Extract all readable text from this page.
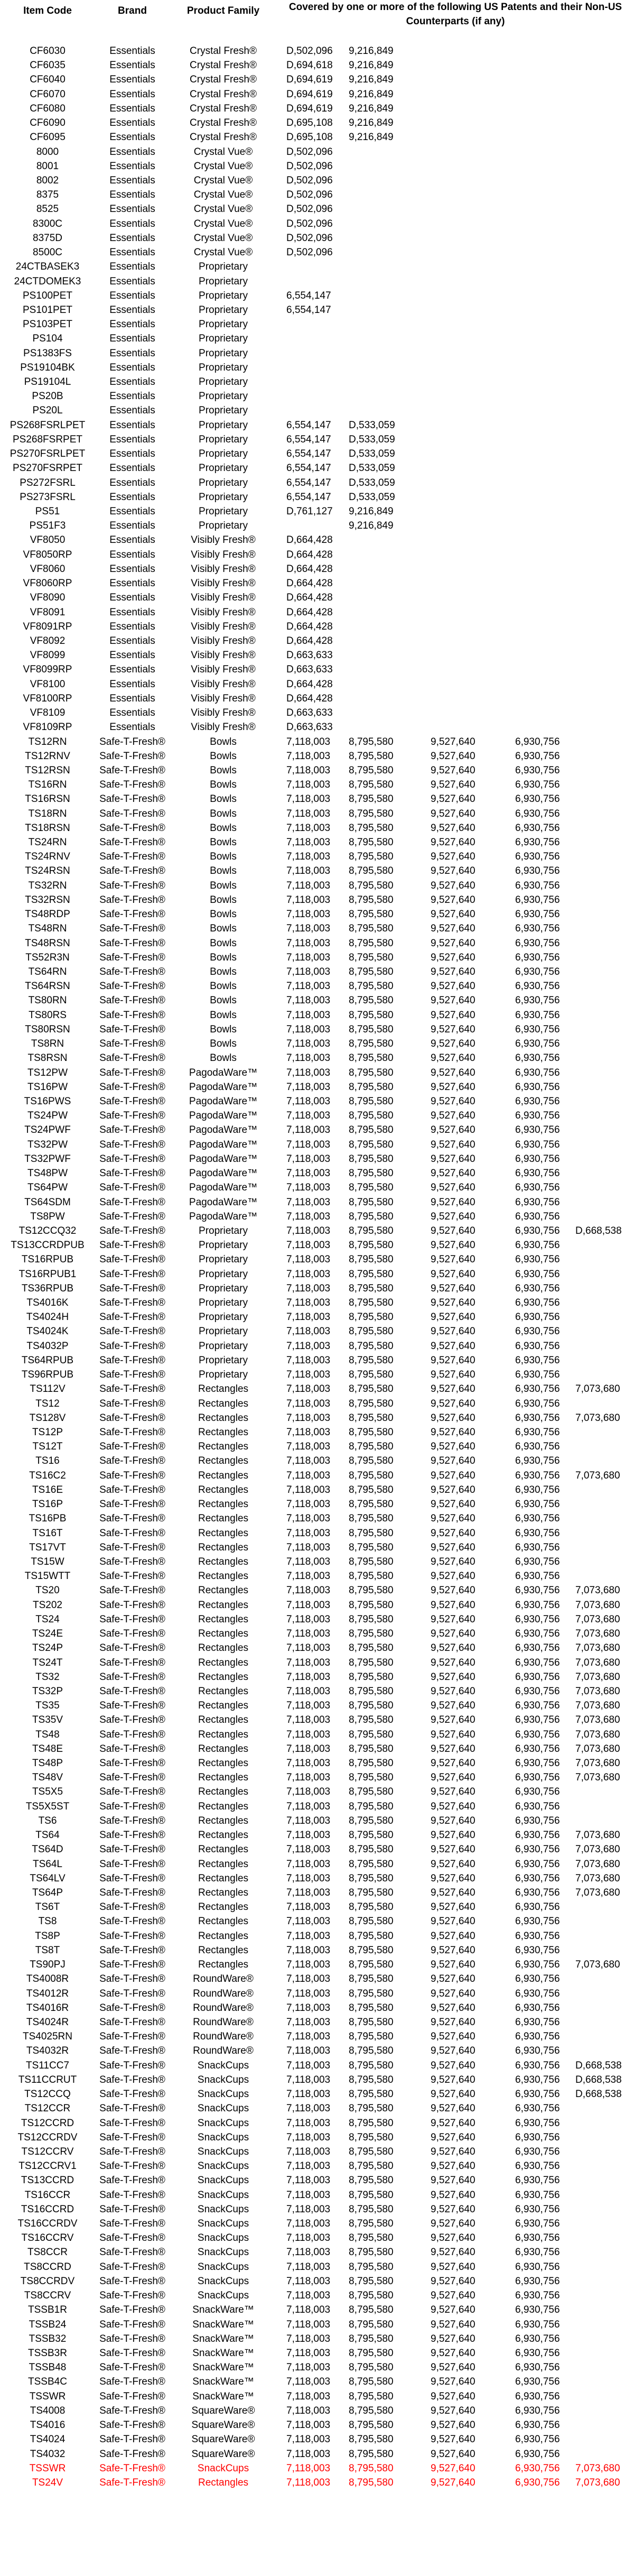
Item Code	Brand	Product Family	Covered by one or more of the following US Patents and their Non-US Counterparts (if any)
CF6030	Essentials	Crystal Fresh®	D,502,096	9,216,849
CF6035	Essentials	Crystal Fresh®	D,694,618	9,216,849
CF6040	Essentials	Crystal Fresh®	D,694,619	9,216,849
CF6070	Essentials	Crystal Fresh®	D,694,619	9,216,849
CF6080	Essentials	Crystal Fresh®	D,694,619	9,216,849
CF6090	Essentials	Crystal Fresh®	D,695,108	9,216,849
CF6095	Essentials	Crystal Fresh®	D,695,108	9,216,849
8000	Essentials	Crystal Vue®	D,502,096
8001	Essentials	Crystal Vue®	D,502,096
8002	Essentials	Crystal Vue®	D,502,096
8375	Essentials	Crystal Vue®	D,502,096
8525	Essentials	Crystal Vue®	D,502,096
8300C	Essentials	Crystal Vue®	D,502,096
8375D	Essentials	Crystal Vue®	D,502,096
8500C	Essentials	Crystal Vue®	D,502,096
24CTBASEK3	Essentials	Proprietary
24CTDOMEK3	Essentials	Proprietary
PS100PET	Essentials	Proprietary	6,554,147
PS101PET	Essentials	Proprietary	6,554,147
PS103PET	Essentials	Proprietary
PS104	Essentials	Proprietary
PS1383FS	Essentials	Proprietary
PS19104BK	Essentials	Proprietary
PS19104L	Essentials	Proprietary
PS20B	Essentials	Proprietary
PS20L	Essentials	Proprietary
PS268FSRLPET	Essentials	Proprietary	6,554,147	D,533,059
PS268FSRPET	Essentials	Proprietary	6,554,147	D,533,059
PS270FSRLPET	Essentials	Proprietary	6,554,147	D,533,059
PS270FSRPET	Essentials	Proprietary	6,554,147	D,533,059
PS272FSRL	Essentials	Proprietary	6,554,147	D,533,059
PS273FSRL	Essentials	Proprietary	6,554,147	D,533,059
PS51	Essentials	Proprietary	D,761,127	9,216,849
PS51F3	Essentials	Proprietary	9,216,849
VF8050	Essentials	Visibly Fresh®	D,664,428
VF8050RP	Essentials	Visibly Fresh®	D,664,428
VF8060	Essentials	Visibly Fresh®	D,664,428
VF8060RP	Essentials	Visibly Fresh®	D,664,428
VF8090	Essentials	Visibly Fresh®	D,664,428
VF8091	Essentials	Visibly Fresh®	D,664,428
VF8091RP	Essentials	Visibly Fresh®	D,664,428
VF8092	Essentials	Visibly Fresh®	D,664,428
VF8099	Essentials	Visibly Fresh®	D,663,633
VF8099RP	Essentials	Visibly Fresh®	D,663,633
VF8100	Essentials	Visibly Fresh®	D,664,428
VF8100RP	Essentials	Visibly Fresh®	D,664,428
VF8109	Essentials	Visibly Fresh®	D,663,633
VF8109RP	Essentials	Visibly Fresh®	D,663,633
TS12RN	Safe-T-Fresh®	Bowls	7,118,003	8,795,580	9,527,640	6,930,756
TS12RNV	Safe-T-Fresh®	Bowls	7,118,003	8,795,580	9,527,640	6,930,756
TS12RSN	Safe-T-Fresh®	Bowls	7,118,003	8,795,580	9,527,640	6,930,756
TS16RN	Safe-T-Fresh®	Bowls	7,118,003	8,795,580	9,527,640	6,930,756
TS16RSN	Safe-T-Fresh®	Bowls	7,118,003	8,795,580	9,527,640	6,930,756
TS18RN	Safe-T-Fresh®	Bowls	7,118,003	8,795,580	9,527,640	6,930,756
TS18RSN	Safe-T-Fresh®	Bowls	7,118,003	8,795,580	9,527,640	6,930,756
TS24RN	Safe-T-Fresh®	Bowls	7,118,003	8,795,580	9,527,640	6,930,756
TS24RNV	Safe-T-Fresh®	Bowls	7,118,003	8,795,580	9,527,640	6,930,756
TS24RSN	Safe-T-Fresh®	Bowls	7,118,003	8,795,580	9,527,640	6,930,756
TS32RN	Safe-T-Fresh®	Bowls	7,118,003	8,795,580	9,527,640	6,930,756
TS32RSN	Safe-T-Fresh®	Bowls	7,118,003	8,795,580	9,527,640	6,930,756
TS48RDP	Safe-T-Fresh®	Bowls	7,118,003	8,795,580	9,527,640	6,930,756
TS48RN	Safe-T-Fresh®	Bowls	7,118,003	8,795,580	9,527,640	6,930,756
TS48RSN	Safe-T-Fresh®	Bowls	7,118,003	8,795,580	9,527,640	6,930,756
TS52R3N	Safe-T-Fresh®	Bowls	7,118,003	8,795,580	9,527,640	6,930,756
TS64RN	Safe-T-Fresh®	Bowls	7,118,003	8,795,580	9,527,640	6,930,756
TS64RSN	Safe-T-Fresh®	Bowls	7,118,003	8,795,580	9,527,640	6,930,756
TS80RN	Safe-T-Fresh®	Bowls	7,118,003	8,795,580	9,527,640	6,930,756
TS80RS	Safe-T-Fresh®	Bowls	7,118,003	8,795,580	9,527,640	6,930,756
TS80RSN	Safe-T-Fresh®	Bowls	7,118,003	8,795,580	9,527,640	6,930,756
TS8RN	Safe-T-Fresh®	Bowls	7,118,003	8,795,580	9,527,640	6,930,756
TS8RSN	Safe-T-Fresh®	Bowls	7,118,003	8,795,580	9,527,640	6,930,756
TS12PW	Safe-T-Fresh®	PagodaWare™	7,118,003	8,795,580	9,527,640	6,930,756
TS16PW	Safe-T-Fresh®	PagodaWare™	7,118,003	8,795,580	9,527,640	6,930,756
TS16PWS	Safe-T-Fresh®	PagodaWare™	7,118,003	8,795,580	9,527,640	6,930,756
TS24PW	Safe-T-Fresh®	PagodaWare™	7,118,003	8,795,580	9,527,640	6,930,756
TS24PWF	Safe-T-Fresh®	PagodaWare™	7,118,003	8,795,580	9,527,640	6,930,756
TS32PW	Safe-T-Fresh®	PagodaWare™	7,118,003	8,795,580	9,527,640	6,930,756
TS32PWF	Safe-T-Fresh®	PagodaWare™	7,118,003	8,795,580	9,527,640	6,930,756
TS48PW	Safe-T-Fresh®	PagodaWare™	7,118,003	8,795,580	9,527,640	6,930,756
TS64PW	Safe-T-Fresh®	PagodaWare™	7,118,003	8,795,580	9,527,640	6,930,756
TS64SDM	Safe-T-Fresh®	PagodaWare™	7,118,003	8,795,580	9,527,640	6,930,756
TS8PW	Safe-T-Fresh®	PagodaWare™	7,118,003	8,795,580	9,527,640	6,930,756
TS12CCQ32	Safe-T-Fresh®	Proprietary	7,118,003	8,795,580	9,527,640	6,930,756	D,668,538
TS13CCRDPUB	Safe-T-Fresh®	Proprietary	7,118,003	8,795,580	9,527,640	6,930,756
TS16RPUB	Safe-T-Fresh®	Proprietary	7,118,003	8,795,580	9,527,640	6,930,756
TS16RPUB1	Safe-T-Fresh®	Proprietary	7,118,003	8,795,580	9,527,640	6,930,756
TS36RPUB	Safe-T-Fresh®	Proprietary	7,118,003	8,795,580	9,527,640	6,930,756
TS4016K	Safe-T-Fresh®	Proprietary	7,118,003	8,795,580	9,527,640	6,930,756
TS4024H	Safe-T-Fresh®	Proprietary	7,118,003	8,795,580	9,527,640	6,930,756
TS4024K	Safe-T-Fresh®	Proprietary	7,118,003	8,795,580	9,527,640	6,930,756
TS4032P	Safe-T-Fresh®	Proprietary	7,118,003	8,795,580	9,527,640	6,930,756
TS64RPUB	Safe-T-Fresh®	Proprietary	7,118,003	8,795,580	9,527,640	6,930,756
TS96RPUB	Safe-T-Fresh®	Proprietary	7,118,003	8,795,580	9,527,640	6,930,756
TS112V	Safe-T-Fresh®	Rectangles	7,118,003	8,795,580	9,527,640	6,930,756	7,073,680
TS12	Safe-T-Fresh®	Rectangles	7,118,003	8,795,580	9,527,640	6,930,756
TS128V	Safe-T-Fresh®	Rectangles	7,118,003	8,795,580	9,527,640	6,930,756	7,073,680
TS12P	Safe-T-Fresh®	Rectangles	7,118,003	8,795,580	9,527,640	6,930,756
TS12T	Safe-T-Fresh®	Rectangles	7,118,003	8,795,580	9,527,640	6,930,756
TS16	Safe-T-Fresh®	Rectangles	7,118,003	8,795,580	9,527,640	6,930,756
TS16C2	Safe-T-Fresh®	Rectangles	7,118,003	8,795,580	9,527,640	6,930,756	7,073,680
TS16E	Safe-T-Fresh®	Rectangles	7,118,003	8,795,580	9,527,640	6,930,756
TS16P	Safe-T-Fresh®	Rectangles	7,118,003	8,795,580	9,527,640	6,930,756
TS16PB	Safe-T-Fresh®	Rectangles	7,118,003	8,795,580	9,527,640	6,930,756
TS16T	Safe-T-Fresh®	Rectangles	7,118,003	8,795,580	9,527,640	6,930,756
TS17VT	Safe-T-Fresh®	Rectangles	7,118,003	8,795,580	9,527,640	6,930,756
TS15W	Safe-T-Fresh®	Rectangles	7,118,003	8,795,580	9,527,640	6,930,756
TS15WTT	Safe-T-Fresh®	Rectangles	7,118,003	8,795,580	9,527,640	6,930,756
TS20	Safe-T-Fresh®	Rectangles	7,118,003	8,795,580	9,527,640	6,930,756	7,073,680
TS202	Safe-T-Fresh®	Rectangles	7,118,003	8,795,580	9,527,640	6,930,756	7,073,680
TS24	Safe-T-Fresh®	Rectangles	7,118,003	8,795,580	9,527,640	6,930,756	7,073,680
TS24E	Safe-T-Fresh®	Rectangles	7,118,003	8,795,580	9,527,640	6,930,756	7,073,680
TS24P	Safe-T-Fresh®	Rectangles	7,118,003	8,795,580	9,527,640	6,930,756	7,073,680
TS24T	Safe-T-Fresh®	Rectangles	7,118,003	8,795,580	9,527,640	6,930,756	7,073,680
TS32	Safe-T-Fresh®	Rectangles	7,118,003	8,795,580	9,527,640	6,930,756	7,073,680
TS32P	Safe-T-Fresh®	Rectangles	7,118,003	8,795,580	9,527,640	6,930,756	7,073,680
TS35	Safe-T-Fresh®	Rectangles	7,118,003	8,795,580	9,527,640	6,930,756	7,073,680
TS35V	Safe-T-Fresh®	Rectangles	7,118,003	8,795,580	9,527,640	6,930,756	7,073,680
TS48	Safe-T-Fresh®	Rectangles	7,118,003	8,795,580	9,527,640	6,930,756	7,073,680
TS48E	Safe-T-Fresh®	Rectangles	7,118,003	8,795,580	9,527,640	6,930,756	7,073,680
TS48P	Safe-T-Fresh®	Rectangles	7,118,003	8,795,580	9,527,640	6,930,756	7,073,680
TS48V	Safe-T-Fresh®	Rectangles	7,118,003	8,795,580	9,527,640	6,930,756	7,073,680
TS5X5	Safe-T-Fresh®	Rectangles	7,118,003	8,795,580	9,527,640	6,930,756
TS5X5ST	Safe-T-Fresh®	Rectangles	7,118,003	8,795,580	9,527,640	6,930,756
TS6	Safe-T-Fresh®	Rectangles	7,118,003	8,795,580	9,527,640	6,930,756
TS64	Safe-T-Fresh®	Rectangles	7,118,003	8,795,580	9,527,640	6,930,756	7,073,680
TS64D	Safe-T-Fresh®	Rectangles	7,118,003	8,795,580	9,527,640	6,930,756	7,073,680
TS64L	Safe-T-Fresh®	Rectangles	7,118,003	8,795,580	9,527,640	6,930,756	7,073,680
TS64LV	Safe-T-Fresh®	Rectangles	7,118,003	8,795,580	9,527,640	6,930,756	7,073,680
TS64P	Safe-T-Fresh®	Rectangles	7,118,003	8,795,580	9,527,640	6,930,756	7,073,680
TS6T	Safe-T-Fresh®	Rectangles	7,118,003	8,795,580	9,527,640	6,930,756
TS8	Safe-T-Fresh®	Rectangles	7,118,003	8,795,580	9,527,640	6,930,756
TS8P	Safe-T-Fresh®	Rectangles	7,118,003	8,795,580	9,527,640	6,930,756
TS8T	Safe-T-Fresh®	Rectangles	7,118,003	8,795,580	9,527,640	6,930,756
TS90PJ	Safe-T-Fresh®	Rectangles	7,118,003	8,795,580	9,527,640	6,930,756	7,073,680
TS4008R	Safe-T-Fresh®	RoundWare®	7,118,003	8,795,580	9,527,640	6,930,756
TS4012R	Safe-T-Fresh®	RoundWare®	7,118,003	8,795,580	9,527,640	6,930,756
TS4016R	Safe-T-Fresh®	RoundWare®	7,118,003	8,795,580	9,527,640	6,930,756
TS4024R	Safe-T-Fresh®	RoundWare®	7,118,003	8,795,580	9,527,640	6,930,756
TS4025RN	Safe-T-Fresh®	RoundWare®	7,118,003	8,795,580	9,527,640	6,930,756
TS4032R	Safe-T-Fresh®	RoundWare®	7,118,003	8,795,580	9,527,640	6,930,756
TS11CC7	Safe-T-Fresh®	SnackCups	7,118,003	8,795,580	9,527,640	6,930,756	D,668,538
TS11CCRUT	Safe-T-Fresh®	SnackCups	7,118,003	8,795,580	9,527,640	6,930,756	D,668,538
TS12CCQ	Safe-T-Fresh®	SnackCups	7,118,003	8,795,580	9,527,640	6,930,756	D,668,538
TS12CCR	Safe-T-Fresh®	SnackCups	7,118,003	8,795,580	9,527,640	6,930,756
TS12CCRD	Safe-T-Fresh®	SnackCups	7,118,003	8,795,580	9,527,640	6,930,756
TS12CCRDV	Safe-T-Fresh®	SnackCups	7,118,003	8,795,580	9,527,640	6,930,756
TS12CCRV	Safe-T-Fresh®	SnackCups	7,118,003	8,795,580	9,527,640	6,930,756
TS12CCRV1	Safe-T-Fresh®	SnackCups	7,118,003	8,795,580	9,527,640	6,930,756
TS13CCRD	Safe-T-Fresh®	SnackCups	7,118,003	8,795,580	9,527,640	6,930,756
TS16CCR	Safe-T-Fresh®	SnackCups	7,118,003	8,795,580	9,527,640	6,930,756
TS16CCRD	Safe-T-Fresh®	SnackCups	7,118,003	8,795,580	9,527,640	6,930,756
TS16CCRDV	Safe-T-Fresh®	SnackCups	7,118,003	8,795,580	9,527,640	6,930,756
TS16CCRV	Safe-T-Fresh®	SnackCups	7,118,003	8,795,580	9,527,640	6,930,756
TS8CCR	Safe-T-Fresh®	SnackCups	7,118,003	8,795,580	9,527,640	6,930,756
TS8CCRD	Safe-T-Fresh®	SnackCups	7,118,003	8,795,580	9,527,640	6,930,756
TS8CCRDV	Safe-T-Fresh®	SnackCups	7,118,003	8,795,580	9,527,640	6,930,756
TS8CCRV	Safe-T-Fresh®	SnackCups	7,118,003	8,795,580	9,527,640	6,930,756
TSSB1R	Safe-T-Fresh®	SnackWare™	7,118,003	8,795,580	9,527,640	6,930,756
TSSB24	Safe-T-Fresh®	SnackWare™	7,118,003	8,795,580	9,527,640	6,930,756
TSSB32	Safe-T-Fresh®	SnackWare™	7,118,003	8,795,580	9,527,640	6,930,756
TSSB3R	Safe-T-Fresh®	SnackWare™	7,118,003	8,795,580	9,527,640	6,930,756
TSSB48	Safe-T-Fresh®	SnackWare™	7,118,003	8,795,580	9,527,640	6,930,756
TSSB4C	Safe-T-Fresh®	SnackWare™	7,118,003	8,795,580	9,527,640	6,930,756
TSSWR	Safe-T-Fresh®	SnackWare™	7,118,003	8,795,580	9,527,640	6,930,756
TS4008	Safe-T-Fresh®	SquareWare®	7,118,003	8,795,580	9,527,640	6,930,756
TS4016	Safe-T-Fresh®	SquareWare®	7,118,003	8,795,580	9,527,640	6,930,756
TS4024	Safe-T-Fresh®	SquareWare®	7,118,003	8,795,580	9,527,640	6,930,756
TS4032	Safe-T-Fresh®	SquareWare®	7,118,003	8,795,580	9,527,640	6,930,756
TSSWR	Safe-T-Fresh®	SnackCups	7,118,003	8,795,580	9,527,640	6,930,756	7,073,680
TS24V	Safe-T-Fresh®	Rectangles	7,118,003	8,795,580	9,527,640	6,930,756	7,073,680
